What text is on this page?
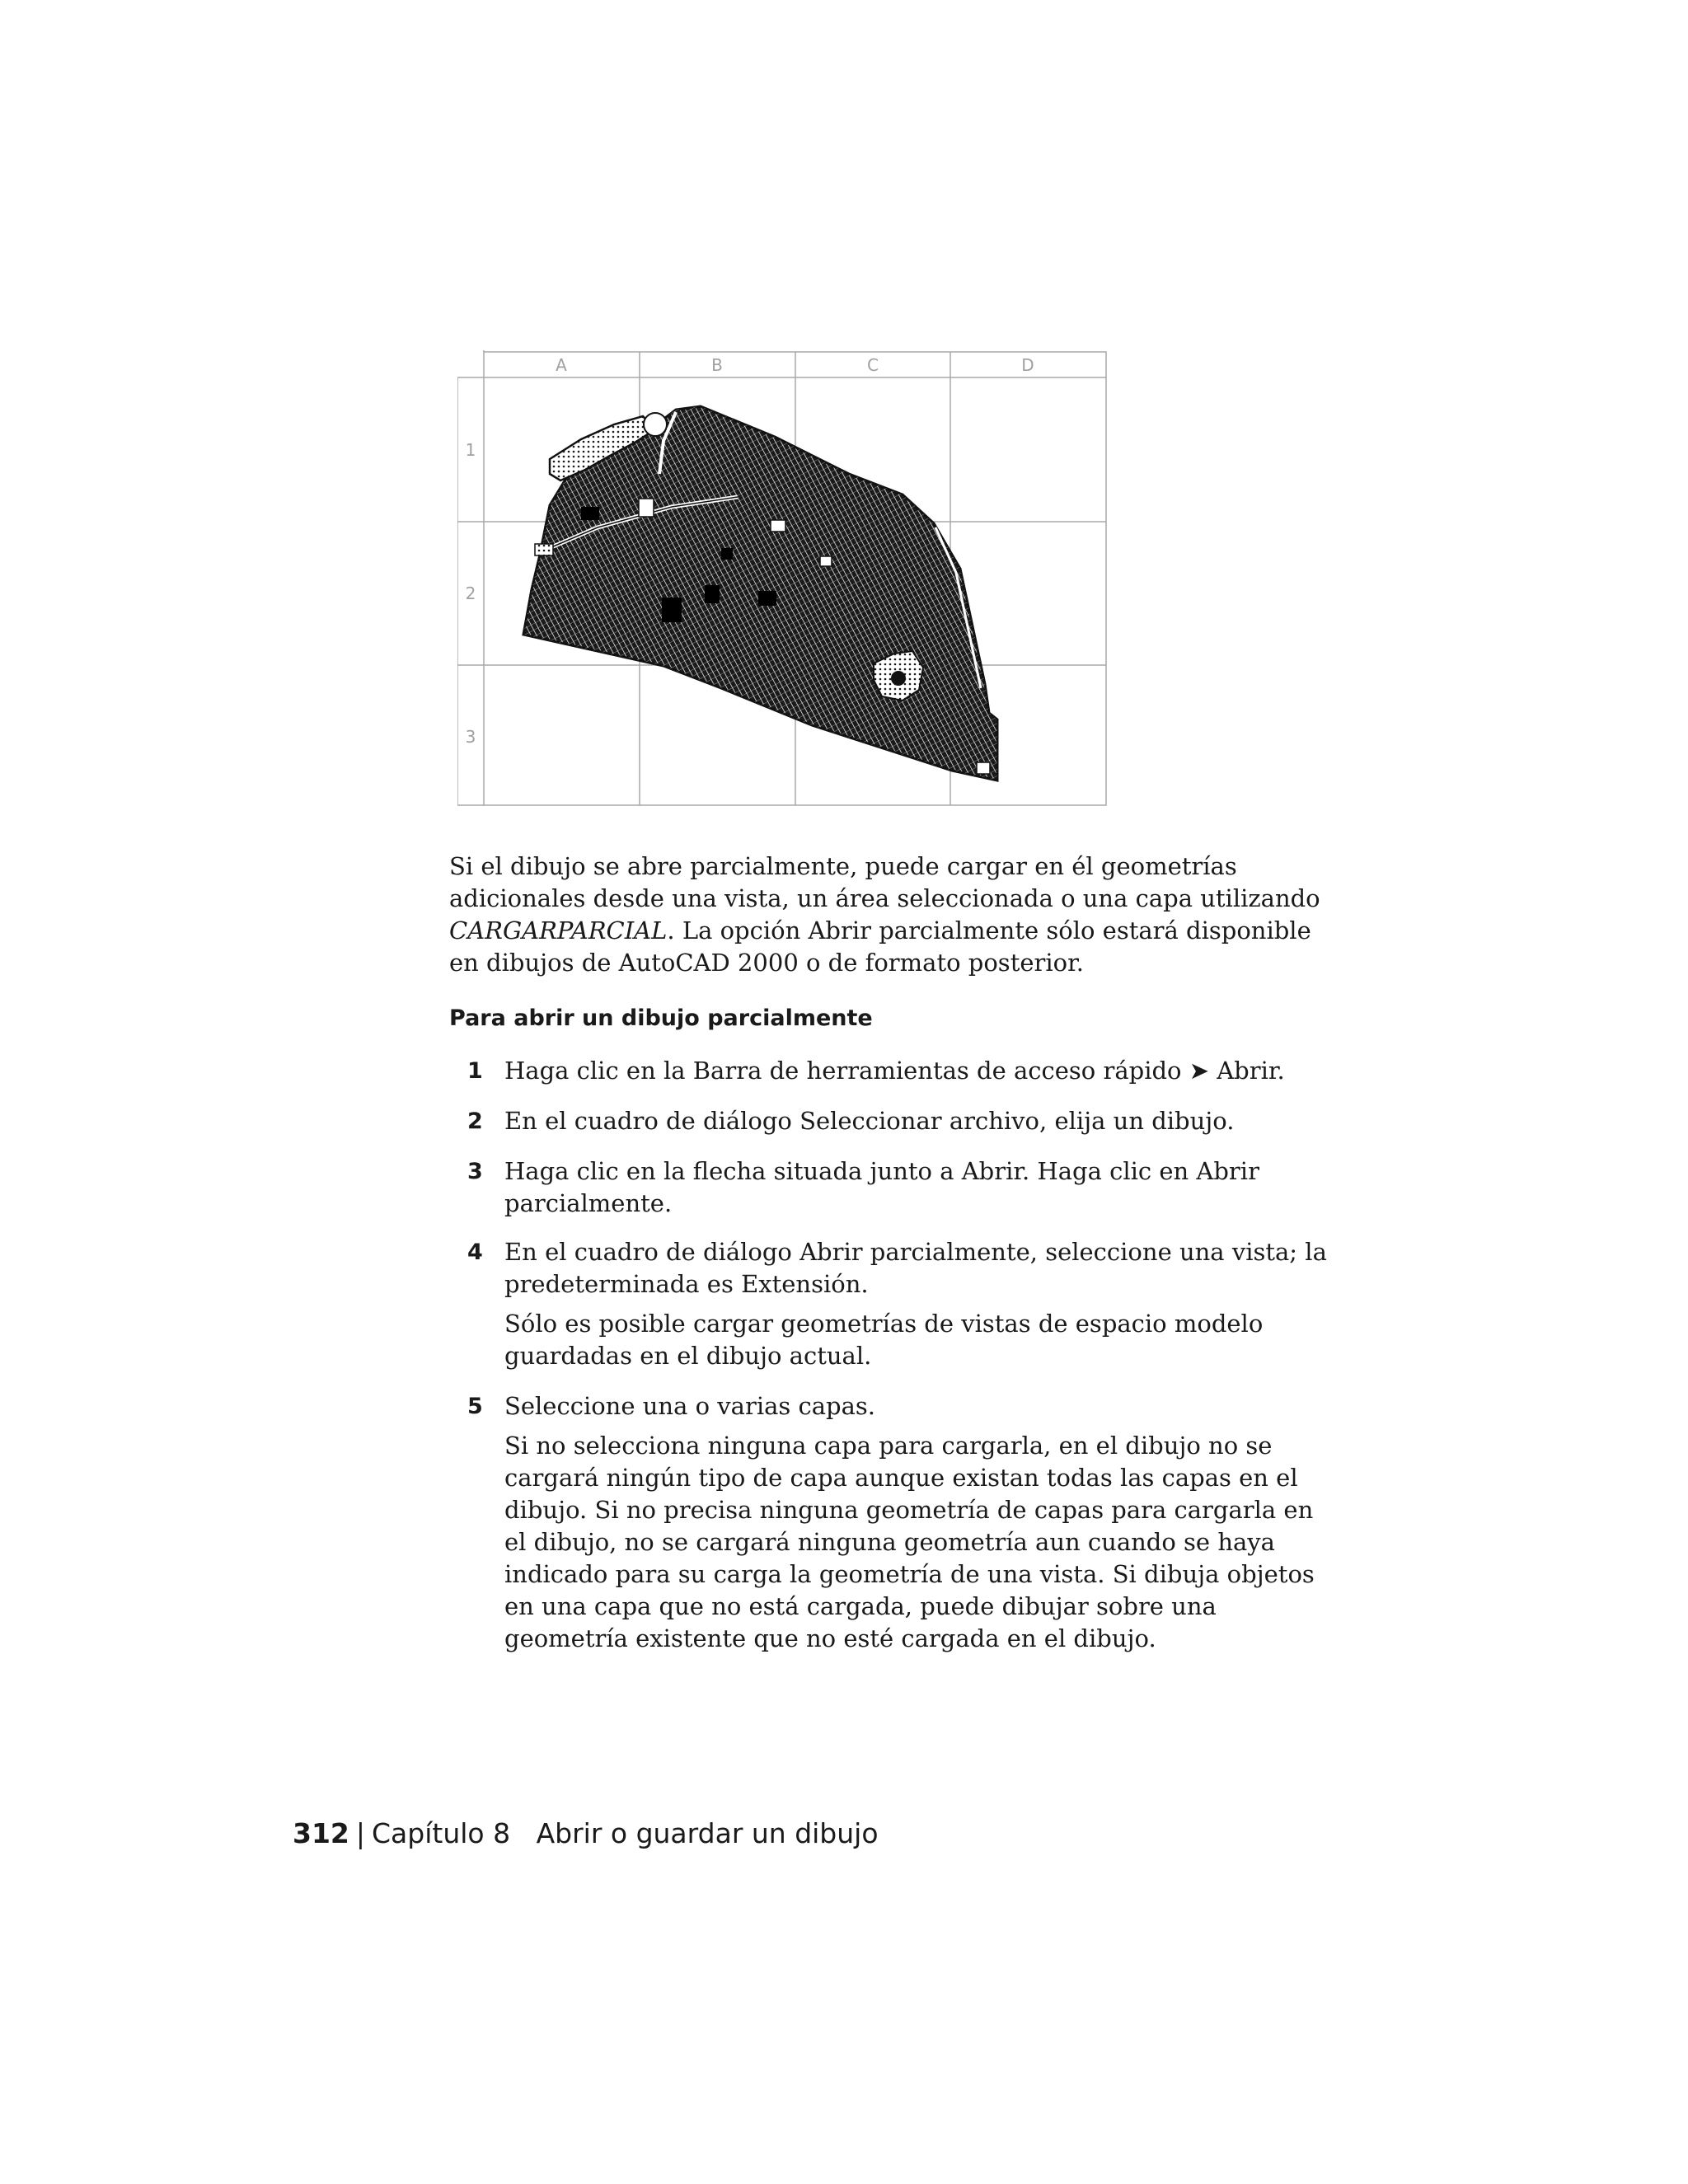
A	B	C	D
1
2
3

Si el dibujo se abre parcialmente, puede cargar en él geometrías adicionales desde una vista, un área seleccionada o una capa utilizando CARGARPARCIAL. La opción Abrir parcialmente sólo estará disponible en dibujos de AutoCAD 2000 o de formato posterior.

Para abrir un dibujo parcialmente
1 Haga clic en la Barra de herramientas de acceso rápido ➤ Abrir.
2 En el cuadro de diálogo Seleccionar archivo, elija un dibujo.
3 Haga clic en la flecha situada junto a Abrir. Haga clic en Abrir parcialmente.
4 En el cuadro de diálogo Abrir parcialmente, seleccione una vista; la predeterminada es Extensión.
Sólo es posible cargar geometrías de vistas de espacio modelo guardadas en el dibujo actual.
5 Seleccione una o varias capas.
Si no selecciona ninguna capa para cargarla, en el dibujo no se cargará ningún tipo de capa aunque existan todas las capas en el dibujo. Si no precisa ninguna geometría de capas para cargarla en el dibujo, no se cargará ninguna geometría aun cuando se haya indicado para su carga la geometría de una vista. Si dibuja objetos en una capa que no está cargada, puede dibujar sobre una geometría existente que no esté cargada en el dibujo.

312 | Capítulo 8 Abrir o guardar un dibujo
